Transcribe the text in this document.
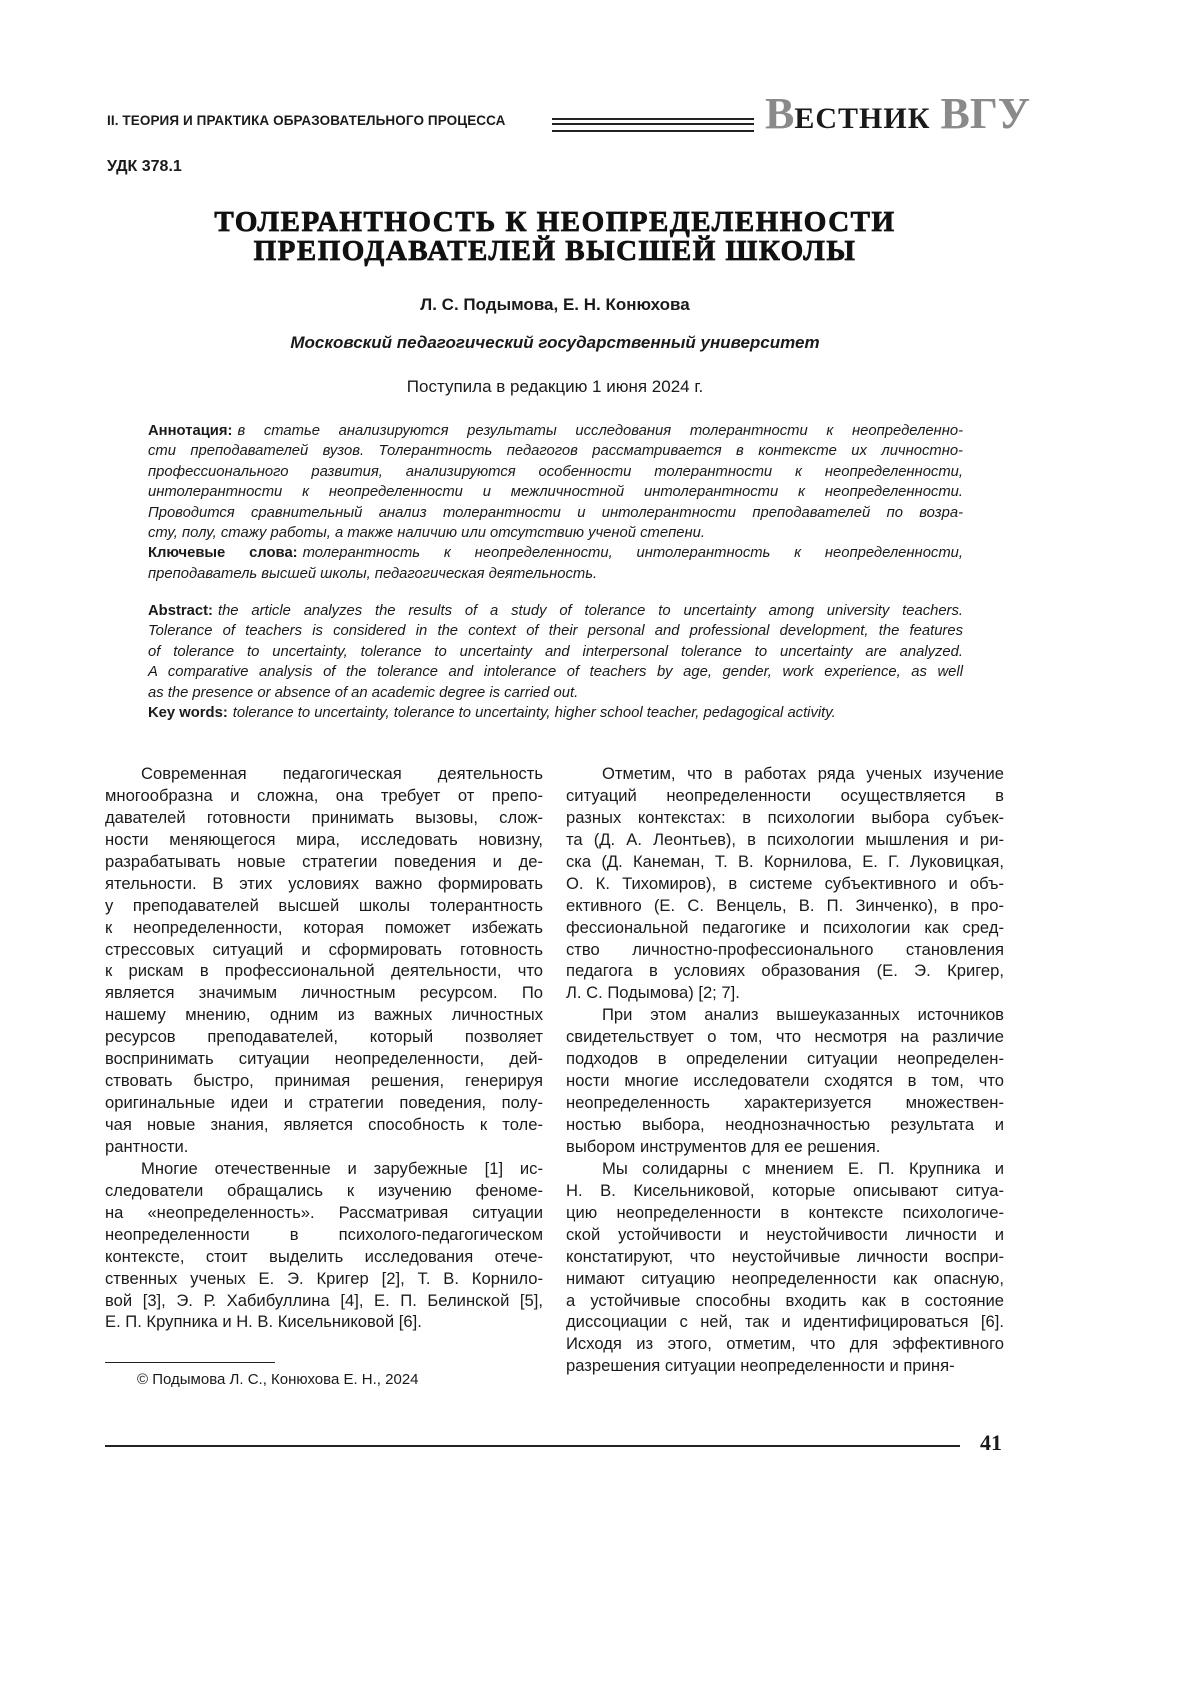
II. ТЕОРИЯ И ПРАКТИКА ОБРАЗОВАТЕЛЬНОГО ПРОЦЕССА	ВЕСТНИК ВГУ
УДК 378.1
ТОЛЕРАНТНОСТЬ К НЕОПРЕДЕЛЕННОСТИ
ПРЕПОДАВАТЕЛЕЙ ВЫСШЕЙ ШКОЛЫ
Л. С. Подымова, Е. Н. Конюхова
Московский педагогический государственный университет
Поступила в редакцию 1 июня 2024 г.
Аннотация: в статье анализируются результаты исследования толерантности к неопределенно-
сти преподавателей вузов. Толерантность педагогов рассматривается в контексте их личностно-
профессионального развития, анализируются особенности толерантности к неопределенности,
интолерантности к неопределенности и межличностной интолерантности к неопределенности.
Проводится сравнительный анализ толерантности и интолерантности преподавателей по возра-
сту, полу, стажу работы, а также наличию или отсутствию ученой степени.
Ключевые слова: толерантность к неопределенности, интолерантность к неопределенности,
преподаватель высшей школы, педагогическая деятельность.
Abstract: the article analyzes the results of a study of tolerance to uncertainty among university teachers.
Tolerance of teachers is considered in the context of their personal and professional development, the features
of tolerance to uncertainty, tolerance to uncertainty and interpersonal tolerance to uncertainty are analyzed.
A comparative analysis of the tolerance and intolerance of teachers by age, gender, work experience, as well
as the presence or absence of an academic degree is carried out.
Key words: tolerance to uncertainty, tolerance to uncertainty, higher school teacher, pedagogical activity.
Современная педагогическая деятельность
многообразна и сложна, она требует от препо-
давателей готовности принимать вызовы, слож-
ности меняющегося мира, исследовать новизну,
разрабатывать новые стратегии поведения и де-
ятельности. В этих условиях важно формировать
у преподавателей высшей школы толерантность
к неопределенности, которая поможет избежать
стрессовых ситуаций и сформировать готовность
к рискам в профессиональной деятельности, что
является значимым личностным ресурсом. По
нашему мнению, одним из важных личностных
ресурсов преподавателей, который позволяет
воспринимать ситуации неопределенности, дей-
ствовать быстро, принимая решения, генерируя
оригинальные идеи и стратегии поведения, полу-
чая новые знания, является способность к толе-
рантности.
Многие отечественные и зарубежные [1] ис-
следователи обращались к изучению феноме-
на «неопределенность». Рассматривая ситуации
неопределенности в психолого-педагогическом
контексте, стоит выделить исследования отече-
ственных ученых Е. Э. Кригер [2], Т. В. Корнило-
вой [3], Э. Р. Хабибуллина [4], Е. П. Белинской [5],
Е. П. Крупника и Н. В. Кисельниковой [6].
Отметим, что в работах ряда ученых изучение
ситуаций неопределенности осуществляется в
разных контекстах: в психологии выбора субъек-
та (Д. А. Леонтьев), в психологии мышления и ри-
ска (Д. Канеман, Т. В. Корнилова, Е. Г. Луковицкая,
О. К. Тихомиров), в системе субъективного и объ-
ективного (Е. С. Венцель, В. П. Зинченко), в про-
фессиональной педагогике и психологии как сред-
ство личностно-профессионального становления
педагога в условиях образования (Е. Э. Кригер,
Л. С. Подымова) [2; 7].
При этом анализ вышеуказанных источников
свидетельствует о том, что несмотря на различие
подходов в определении ситуации неопределен-
ности многие исследователи сходятся в том, что
неопределенность характеризуется множествен-
ностью выбора, неоднозначностью результата и
выбором инструментов для ее решения.
Мы солидарны с мнением Е. П. Крупника и
Н. В. Кисельниковой, которые описывают ситуа-
цию неопределенности в контексте психологиче-
ской устойчивости и неустойчивости личности и
констатируют, что неустойчивые личности воспри-
нимают ситуацию неопределенности как опасную,
а устойчивые способны входить как в состояние
диссоциации с ней, так и идентифицироваться [6].
Исходя из этого, отметим, что для эффективного
разрешения ситуации неопределенности и приня-
© Подымова Л. С., Конюхова Е. Н., 2024
41
